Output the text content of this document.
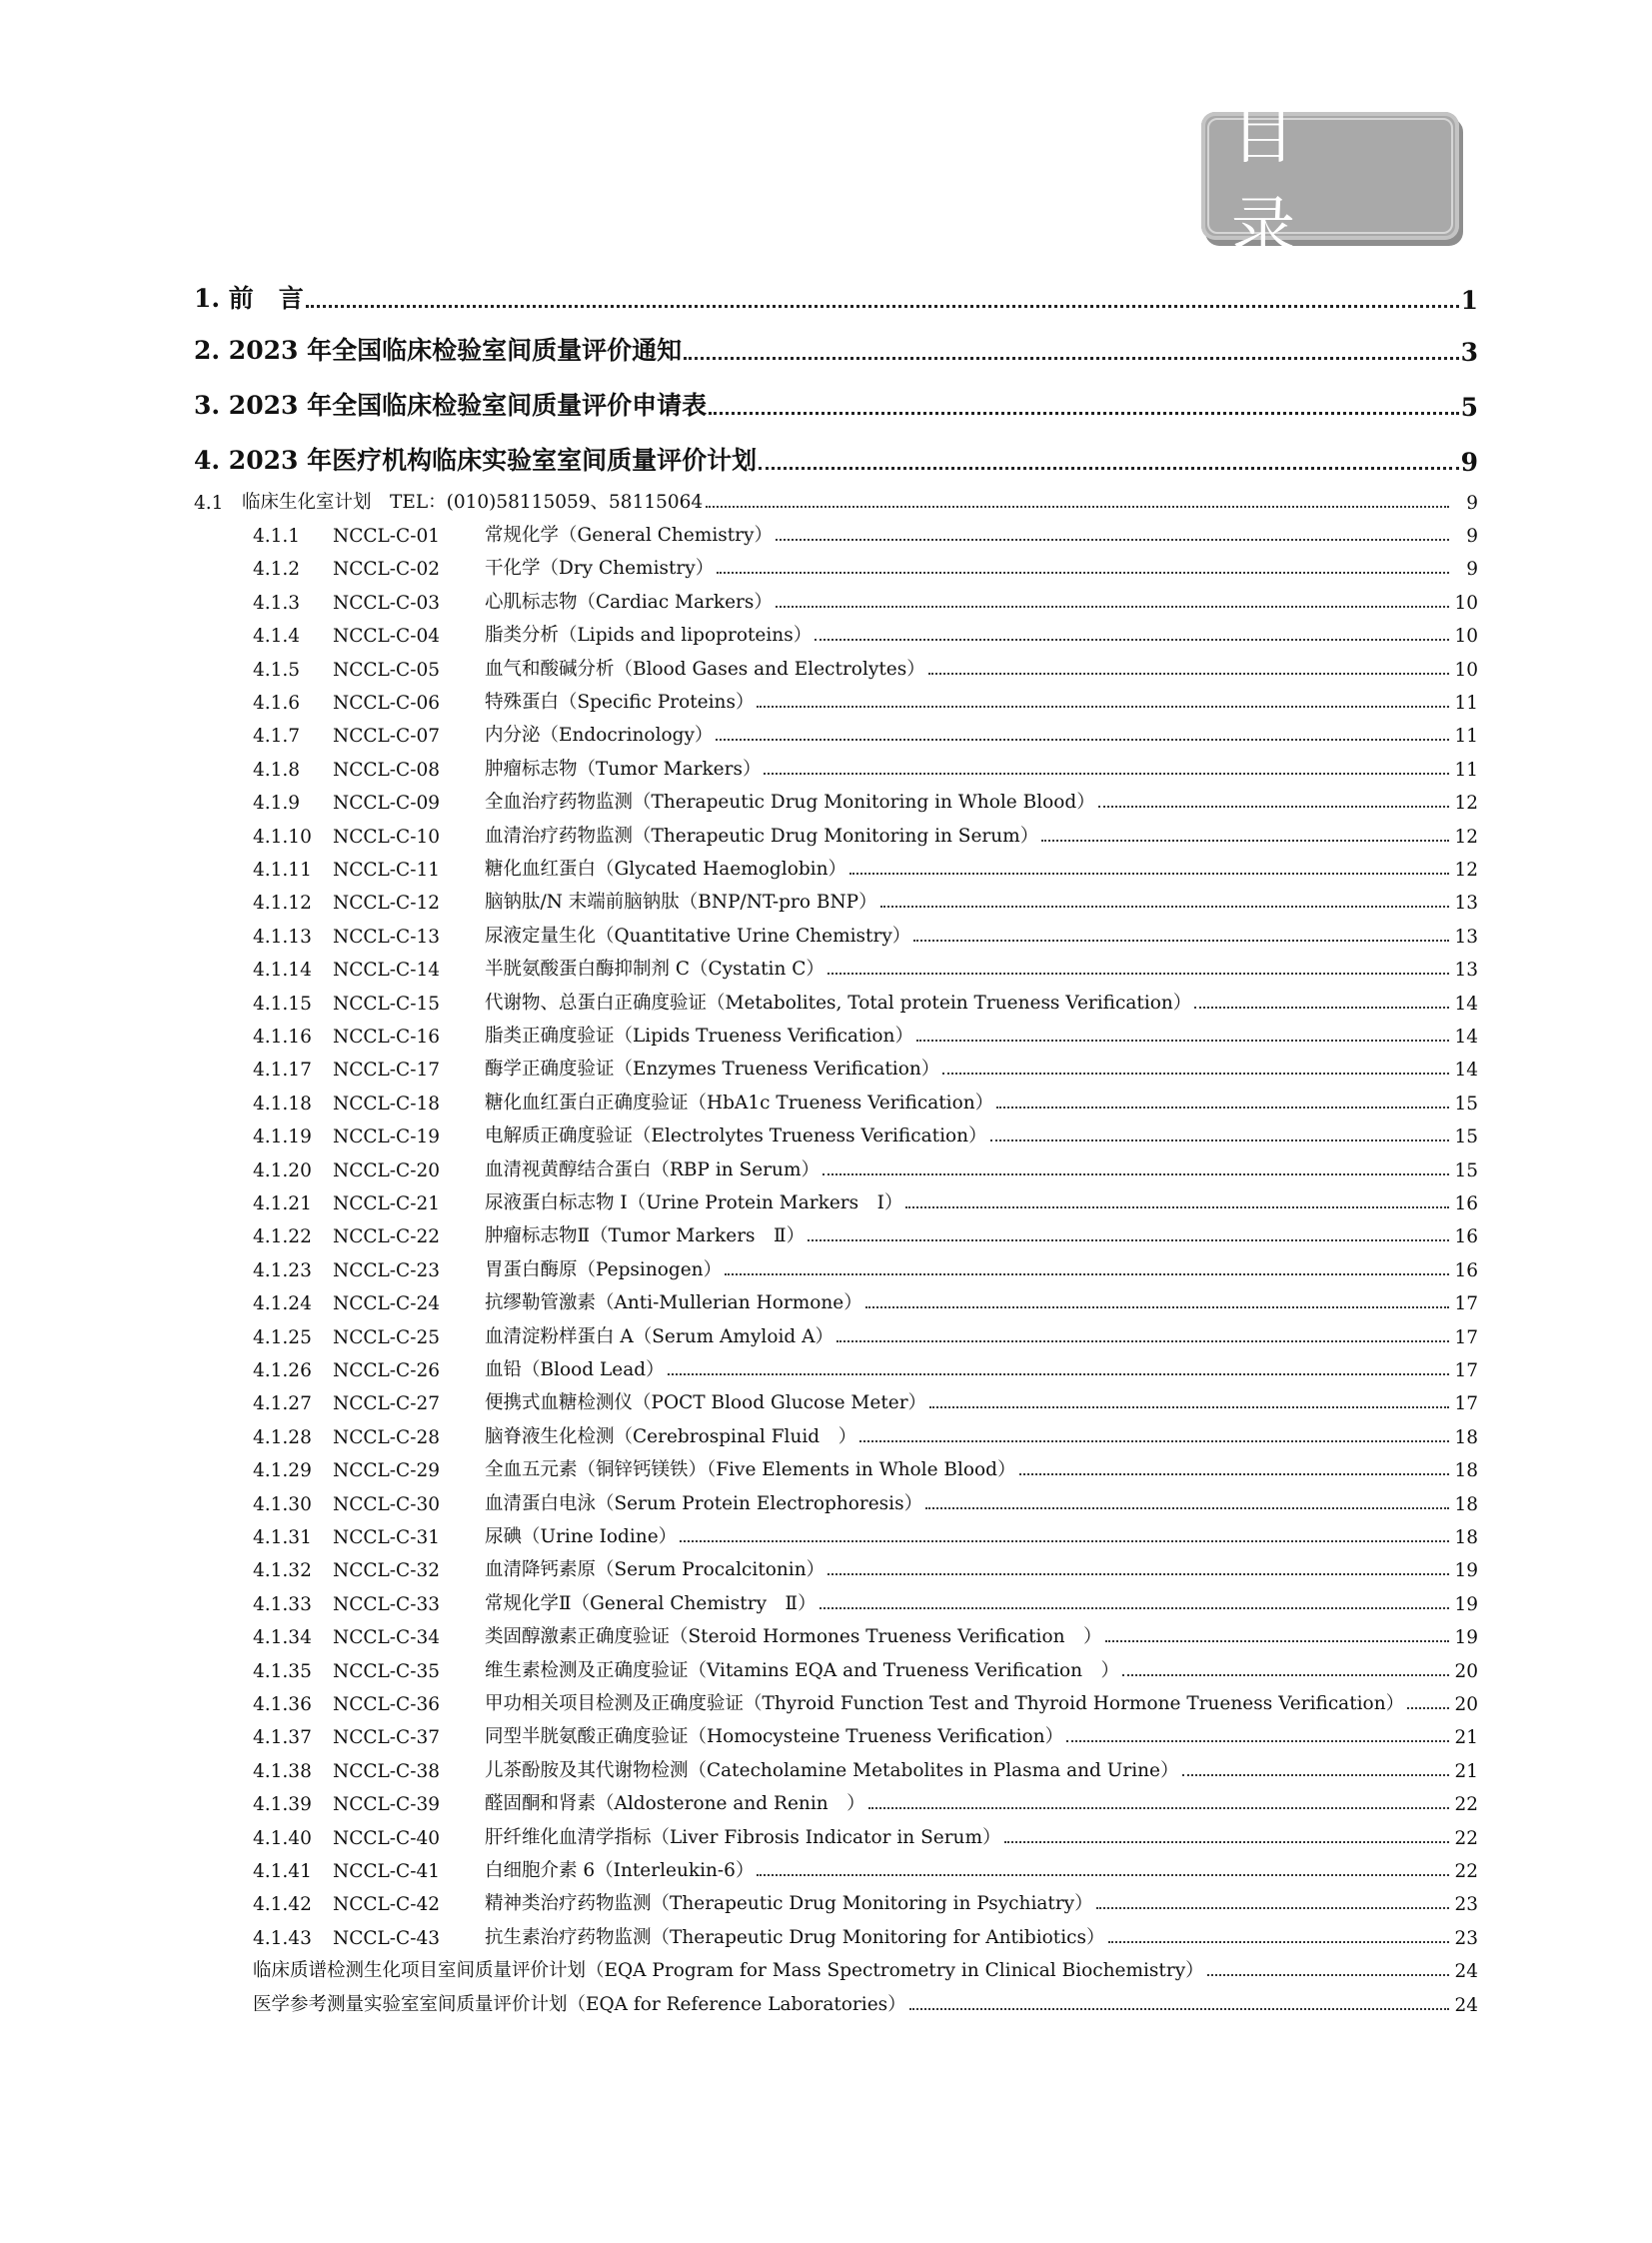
目 录
1. 前　言	1
2. 2023 年全国临床检验室间质量评价通知	3
3. 2023 年全国临床检验室间质量评价申请表	5
4. 2023 年医疗机构临床实验室室间质量评价计划	9
4.1	临床生化室计划　TEL：(010)58115059、58115064	9
4.1.1	NCCL-C-01	常规化学（General Chemistry）	9
4.1.2	NCCL-C-02	干化学（Dry Chemistry）	9
4.1.3	NCCL-C-03	心肌标志物（Cardiac Markers）	10
4.1.4	NCCL-C-04	脂类分析（Lipids and lipoproteins）	10
4.1.5	NCCL-C-05	血气和酸碱分析（Blood Gases and Electrolytes）	10
4.1.6	NCCL-C-06	特殊蛋白（Specific Proteins）	11
4.1.7	NCCL-C-07	内分泌（Endocrinology）	11
4.1.8	NCCL-C-08	肿瘤标志物（Tumor Markers）	11
4.1.9	NCCL-C-09	全血治疗药物监测（Therapeutic Drug Monitoring in Whole Blood）	12
4.1.10	NCCL-C-10	血清治疗药物监测（Therapeutic Drug Monitoring in Serum）	12
4.1.11	NCCL-C-11	糖化血红蛋白（Glycated Haemoglobin）	12
4.1.12	NCCL-C-12	脑钠肽/N 末端前脑钠肽（BNP/NT-pro BNP）	13
4.1.13	NCCL-C-13	尿液定量生化（Quantitative Urine Chemistry）	13
4.1.14	NCCL-C-14	半胱氨酸蛋白酶抑制剂 C（Cystatin C）	13
4.1.15	NCCL-C-15	代谢物、总蛋白正确度验证（Metabolites, Total protein Trueness Verification）	14
4.1.16	NCCL-C-16	脂类正确度验证（Lipids Trueness Verification）	14
4.1.17	NCCL-C-17	酶学正确度验证（Enzymes Trueness Verification）	14
4.1.18	NCCL-C-18	糖化血红蛋白正确度验证（HbA1c Trueness Verification）	15
4.1.19	NCCL-C-19	电解质正确度验证（Electrolytes Trueness Verification）	15
4.1.20	NCCL-C-20	血清视黄醇结合蛋白（RBP in Serum）	15
4.1.21	NCCL-C-21	尿液蛋白标志物 Ⅰ（Urine Protein Markers　Ⅰ）	16
4.1.22	NCCL-C-22	肿瘤标志物Ⅱ（Tumor Markers　Ⅱ）	16
4.1.23	NCCL-C-23	胃蛋白酶原（Pepsinogen）	16
4.1.24	NCCL-C-24	抗缪勒管激素（Anti-Mullerian Hormone）	17
4.1.25	NCCL-C-25	血清淀粉样蛋白 A（Serum Amyloid A）	17
4.1.26	NCCL-C-26	血铅（Blood Lead）	17
4.1.27	NCCL-C-27	便携式血糖检测仪（POCT Blood Glucose Meter）	17
4.1.28	NCCL-C-28	脑脊液生化检测（Cerebrospinal Fluid　）	18
4.1.29	NCCL-C-29	全血五元素（铜锌钙镁铁）（Five Elements in Whole Blood）	18
4.1.30	NCCL-C-30	血清蛋白电泳（Serum Protein Electrophoresis）	18
4.1.31	NCCL-C-31	尿碘（Urine Iodine）	18
4.1.32	NCCL-C-32	血清降钙素原（Serum Procalcitonin）	19
4.1.33	NCCL-C-33	常规化学Ⅱ（General Chemistry　Ⅱ）	19
4.1.34	NCCL-C-34	类固醇激素正确度验证（Steroid Hormones Trueness Verification　）	19
4.1.35	NCCL-C-35	维生素检测及正确度验证（Vitamins EQA and Trueness Verification　）	20
4.1.36	NCCL-C-36	甲功相关项目检测及正确度验证（Thyroid Function Test and Thyroid Hormone Trueness Verification）	20
4.1.37	NCCL-C-37	同型半胱氨酸正确度验证（Homocysteine Trueness Verification）	21
4.1.38	NCCL-C-38	儿茶酚胺及其代谢物检测（Catecholamine Metabolites in Plasma and Urine）	21
4.1.39	NCCL-C-39	醛固酮和肾素（Aldosterone and Renin　）	22
4.1.40	NCCL-C-40	肝纤维化血清学指标（Liver Fibrosis Indicator in Serum）	22
4.1.41	NCCL-C-41	白细胞介素 6（Interleukin-6）	22
4.1.42	NCCL-C-42	精神类治疗药物监测（Therapeutic Drug Monitoring in Psychiatry）	23
4.1.43	NCCL-C-43	抗生素治疗药物监测（Therapeutic Drug Monitoring for Antibiotics）	23
临床质谱检测生化项目室间质量评价计划（EQA Program for Mass Spectrometry in Clinical Biochemistry）	24
医学参考测量实验室室间质量评价计划（EQA for Reference Laboratories）	24
